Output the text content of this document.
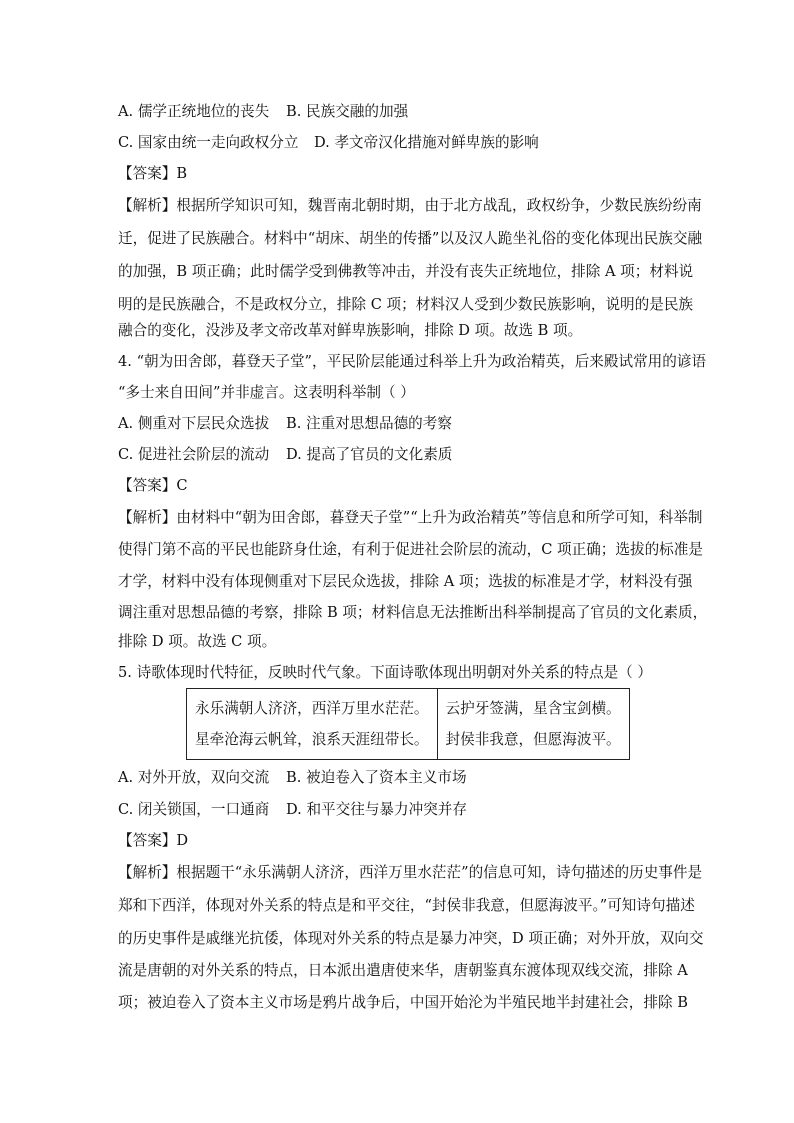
A. 儒学正统地位的丧失 B. 民族交融的加强
C. 国家由统一走向政权分立 D. 孝文帝汉化措施对鲜卑族的影响
【答案】B
【解析】根据所学知识可知，魏晋南北朝时期，由于北方战乱，政权纷争，少数民族纷纷南
迁，促进了民族融合。材料中“胡床、胡坐的传播”以及汉人跪坐礼俗的变化体现出民族交融
的加强，B 项正确；此时儒学受到佛教等冲击，并没有丧失正统地位，排除 A 项；材料说
明的是民族融合，不是政权分立，排除 C 项；材料汉人受到少数民族影响，说明的是民族
融合的变化，没涉及孝文帝改革对鲜卑族影响，排除 D 项。故选 B 项。
4. “朝为田舍郎，暮登天子堂”，平民阶层能通过科举上升为政治精英，后来殿试常用的谚语
“多士来自田间”并非虚言。这表明科举制（ ）
A. 侧重对下层民众选拔 B. 注重对思想品德的考察
C. 促进社会阶层的流动 D. 提高了官员的文化素质
【答案】C
【解析】由材料中“朝为田舍郎，暮登天子堂”“上升为政治精英”等信息和所学可知，科举制
使得门第不高的平民也能跻身仕途，有利于促进社会阶层的流动，C 项正确；选拔的标准是
才学，材料中没有体现侧重对下层民众选拔，排除 A 项；选拔的标准是才学，材料没有强
调注重对思想品德的考察，排除 B 项；材料信息无法推断出科举制提高了官员的文化素质，
排除 D 项。故选 C 项。
5. 诗歌体现时代特征，反映时代气象。下面诗歌体现出明朝对外关系的特点是（ ）
永乐满朝人济济，西洋万里水茫茫。
星牵沧海云帆耸，浪系天涯纽带长。

云护牙签满，星含宝剑横。
封侯非我意，但愿海波平。
A. 对外开放，双向交流 B. 被迫卷入了资本主义市场
C. 闭关锁国，一口通商 D. 和平交往与暴力冲突并存
【答案】D
【解析】根据题干“永乐满朝人济济，西洋万里水茫茫”的信息可知，诗句描述的历史事件是
郑和下西洋，体现对外关系的特点是和平交往，“封侯非我意，但愿海波平。”可知诗句描述
的历史事件是戚继光抗倭，体现对外关系的特点是暴力冲突，D 项正确；对外开放，双向交
流是唐朝的对外关系的特点，日本派出遣唐使来华，唐朝鉴真东渡体现双线交流，排除 A
项；被迫卷入了资本主义市场是鸦片战争后，中国开始沦为半殖民地半封建社会，排除 B
